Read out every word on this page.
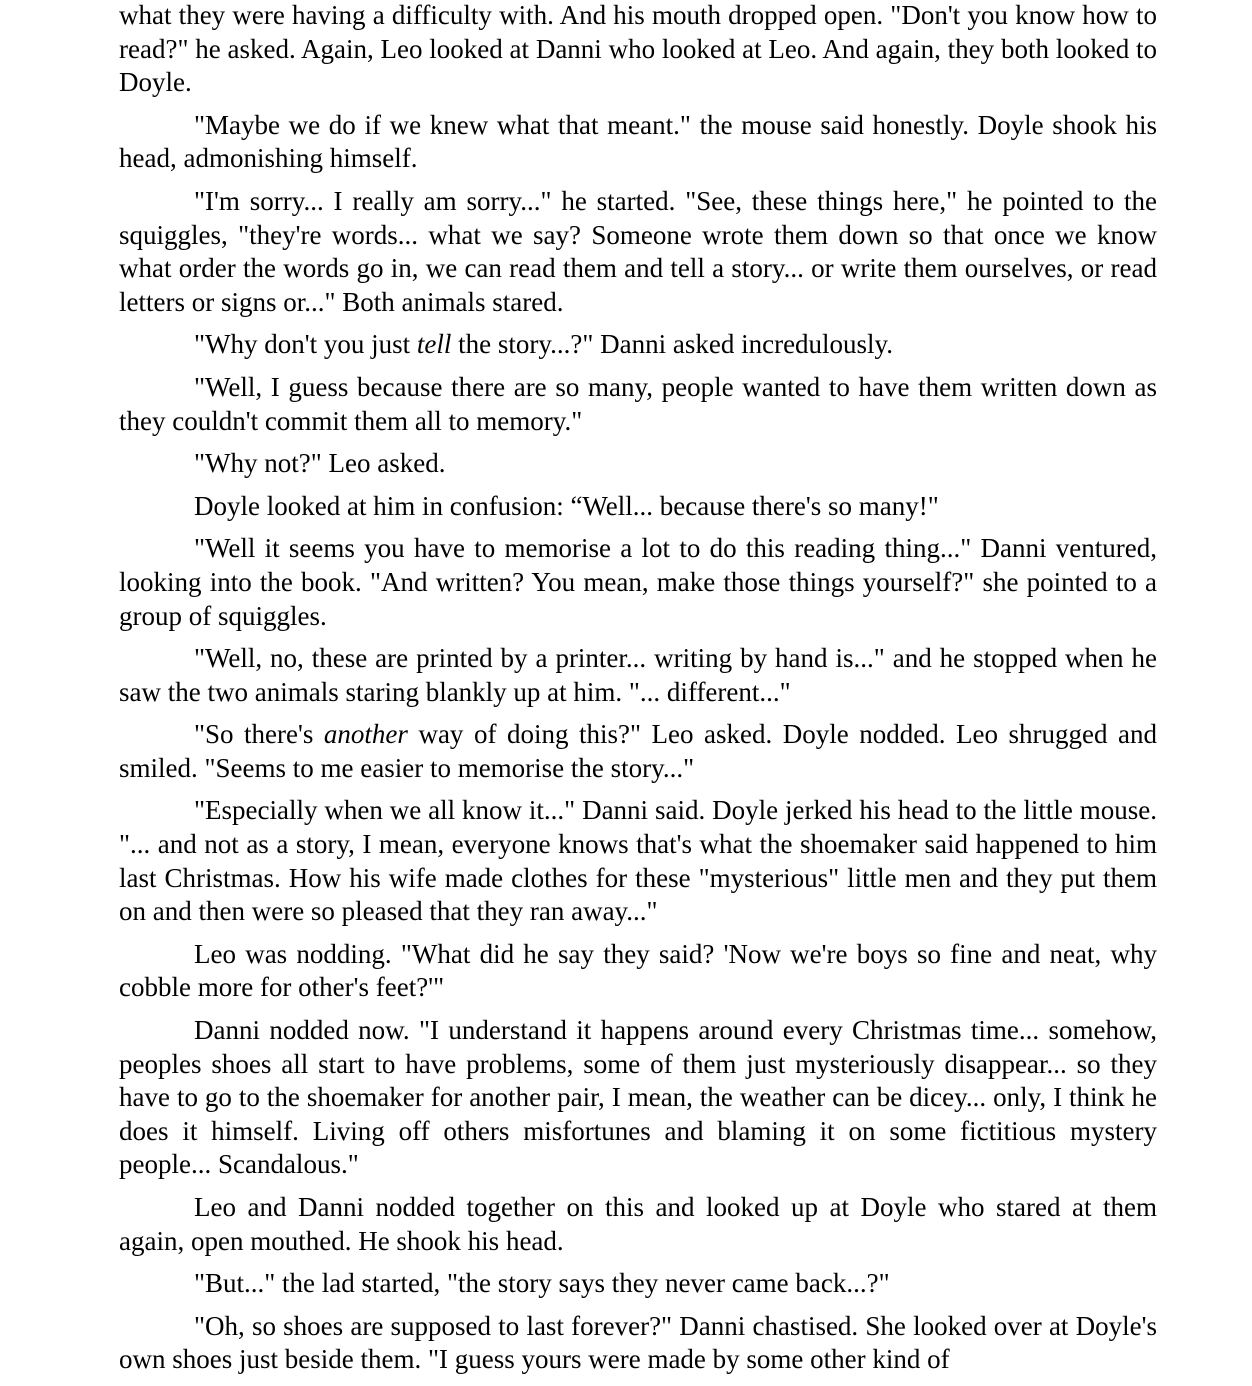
what they were having a difficulty with. And his mouth dropped open. "Don't you know how to read?" he asked. Again, Leo looked at Danni who looked at Leo. And again, they both looked to Doyle.

"Maybe we do if we knew what that meant." the mouse said honestly. Doyle shook his head, admonishing himself.

"I'm sorry... I really am sorry..." he started. "See, these things here," he pointed to the squiggles, "they're words... what we say? Someone wrote them down so that once we know what order the words go in, we can read them and tell a story... or write them ourselves, or read letters or signs or..." Both animals stared.

"Why don't you just tell the story...?" Danni asked incredulously.

"Well, I guess because there are so many, people wanted to have them written down as they couldn't commit them all to memory."

"Why not?" Leo asked.

Doyle looked at him in confusion: “Well... because there's so many!"

"Well it seems you have to memorise a lot to do this reading thing..." Danni ventured, looking into the book. "And written? You mean, make those things yourself?" she pointed to a group of squiggles.

"Well, no, these are printed by a printer... writing by hand is..." and he stopped when he saw the two animals staring blankly up at him. "... different..."

"So there's another way of doing this?" Leo asked. Doyle nodded. Leo shrugged and smiled. "Seems to me easier to memorise the story..."

"Especially when we all know it..." Danni said. Doyle jerked his head to the little mouse. "... and not as a story, I mean, everyone knows that's what the shoemaker said happened to him last Christmas. How his wife made clothes for these "mysterious" little men and they put them on and then were so pleased that they ran away..."

Leo was nodding. "What did he say they said? 'Now we're boys so fine and neat, why cobble more for other's feet?'"

Danni nodded now. "I understand it happens around every Christmas time... somehow, peoples shoes all start to have problems, some of them just mysteriously disappear... so they have to go to the shoemaker for another pair, I mean, the weather can be dicey... only, I think he does it himself. Living off others misfortunes and blaming it on some fictitious mystery people... Scandalous."

Leo and Danni nodded together on this and looked up at Doyle who stared at them again, open mouthed. He shook his head.

"But..." the lad started, "the story says they never came back...?"

"Oh, so shoes are supposed to last forever?" Danni chastised. She looked over at Doyle's own shoes just beside them. "I guess yours were made by some other kind of
